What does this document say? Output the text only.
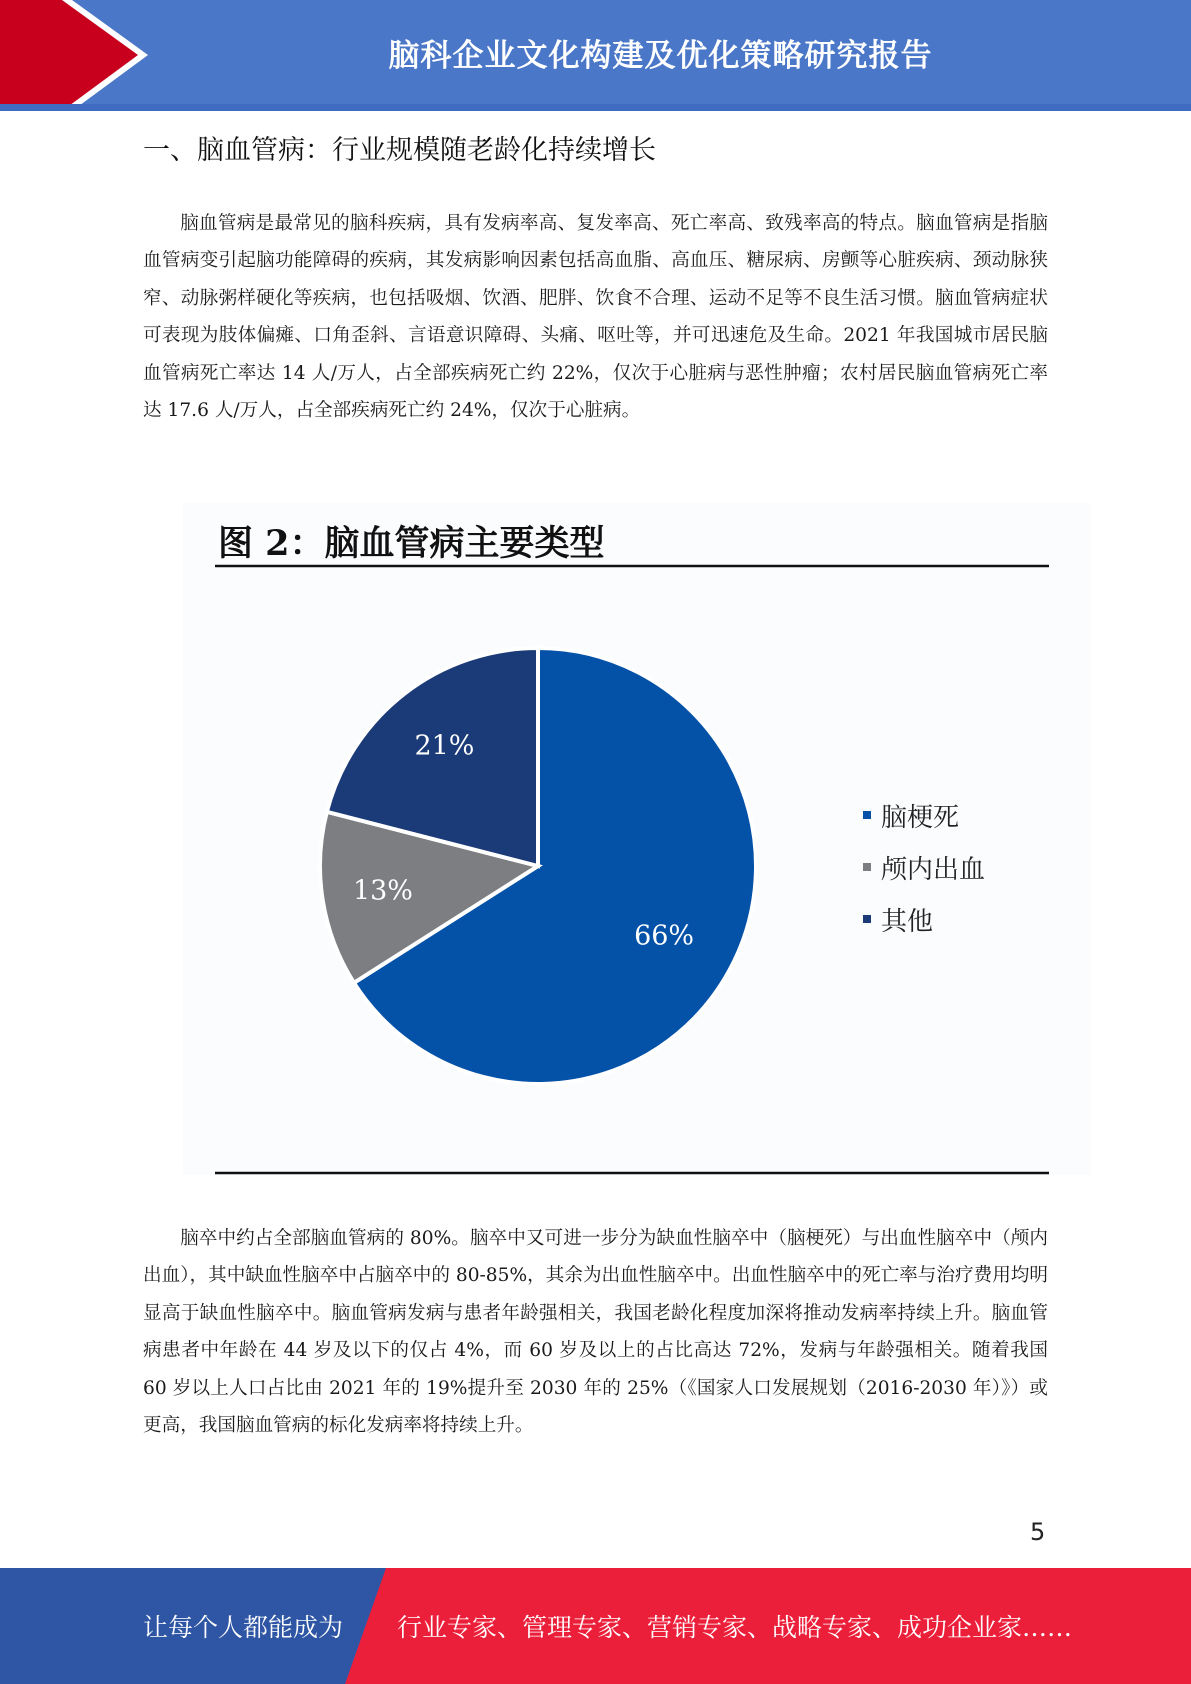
脑科企业文化构建及优化策略研究报告
一、脑血管病：行业规模随老龄化持续增长

脑血管病是最常见的脑科疾病，具有发病率高、复发率高、死亡率高、致残率高的特点。脑血管病是指脑血管病变引起脑功能障碍的疾病，其发病影响因素包括高血脂、高血压、糖尿病、房颤等心脏疾病、颈动脉狭窄、动脉粥样硬化等疾病，也包括吸烟、饮酒、肥胖、饮食不合理、运动不足等不良生活习惯。脑血管病症状可表现为肢体偏瘫、口角歪斜、言语意识障碍、头痛、呕吐等，并可迅速危及生命。2021 年我国城市居民脑血管病死亡率达 14 人/万人，占全部疾病死亡约 22%，仅次于心脏病与恶性肿瘤；农村居民脑血管病死亡率达 17.6 人/万人，占全部疾病死亡约 24%，仅次于心脏病。

图 2：脑血管病主要类型
66%
13%
21%
脑梗死
颅内出血
其他

脑卒中约占全部脑血管病的 80%。脑卒中又可进一步分为缺血性脑卒中（脑梗死）与出血性脑卒中（颅内出血），其中缺血性脑卒中占脑卒中的 80-85%，其余为出血性脑卒中。出血性脑卒中的死亡率与治疗费用均明显高于缺血性脑卒中。脑血管病发病与患者年龄强相关，我国老龄化程度加深将推动发病率持续上升。脑血管病患者中年龄在 44 岁及以下的仅占 4%，而 60 岁及以上的占比高达 72%，发病与年龄强相关。随着我国 60 岁以上人口占比由 2021 年的 19%提升至 2030 年的 25%（《国家人口发展规划（2016-2030 年）》）或更高，我国脑血管病的标化发病率将持续上升。

5
让每个人都能成为 行业专家、管理专家、营销专家、战略专家、成功企业家……
